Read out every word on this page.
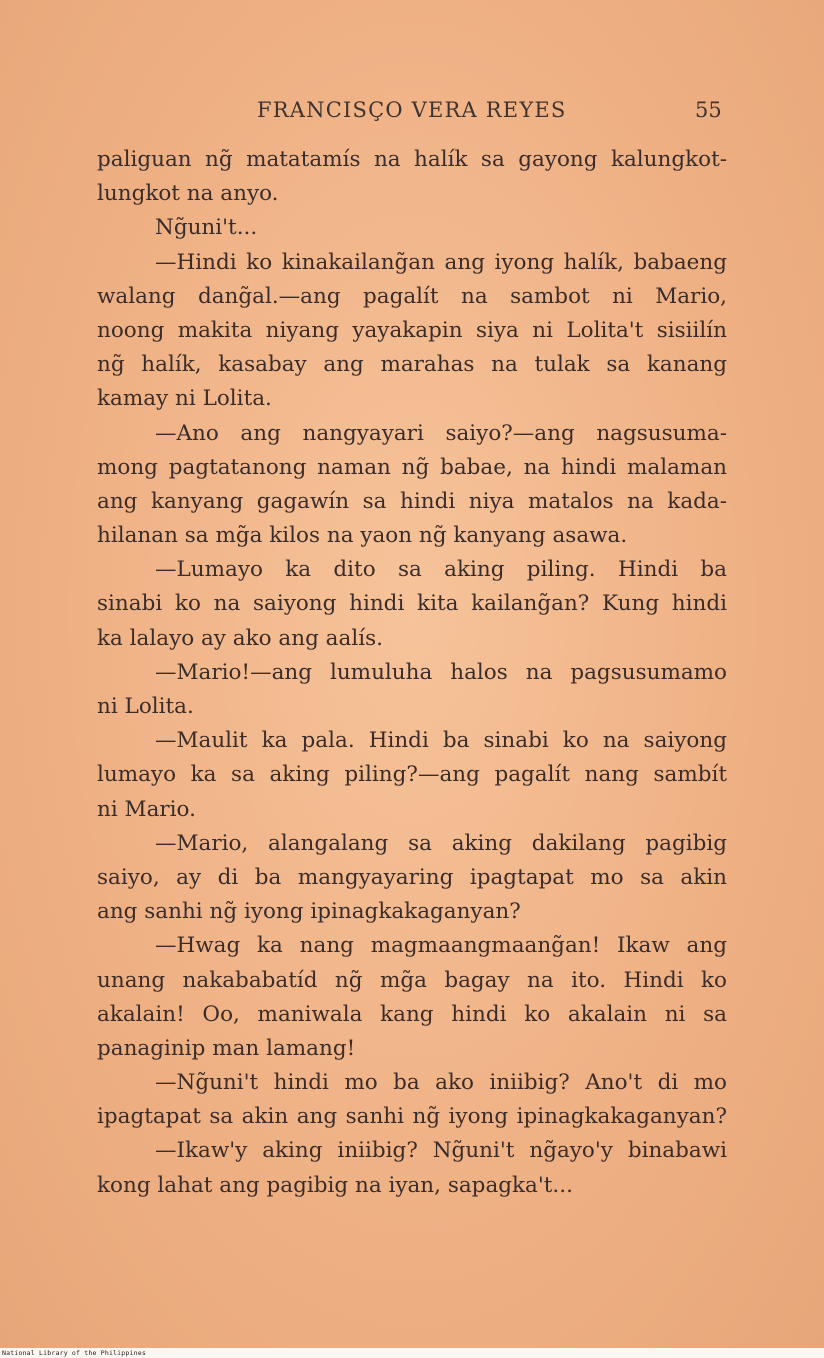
FRANCISÇO VERA REYES	55
paliguan ng̃ matatamís na halík sa gayong kalungkot-
lungkot na anyo.
Ng̃uni't...
—Hindi ko kinakailang̃an ang iyong halík, babaeng
walang dang̃al.—ang pagalít na sambot ni Mario,
noong makita niyang yayakapin siya ni Lolita't sisiilín
ng̃ halík, kasabay ang marahas na tulak sa kanang
kamay ni Lolita.
—Ano ang nangyayari saiyo?—ang nagsusuma-
mong pagtatanong naman ng̃ babae, na hindi malaman
ang kanyang gagawín sa hindi niya matalos na kada-
hilanan sa mg̃a kilos na yaon ng̃ kanyang asawa.
—Lumayo ka dito sa aking piling. Hindi ba
sinabi ko na saiyong hindi kita kailang̃an? Kung hindi
ka lalayo ay ako ang aalís.
—Mario!—ang lumuluha halos na pagsusumamo
ni Lolita.
—Maulit ka pala. Hindi ba sinabi ko na saiyong
lumayo ka sa aking piling?—ang pagalít nang sambít
ni Mario.
—Mario, alangalang sa aking dakilang pagibig
saiyo, ay di ba mangyayaring ipagtapat mo sa akin
ang sanhi ng̃ iyong ipinagkakaganyan?
—Hwag ka nang magmaangmaang̃an! Ikaw ang
unang nakababatíd ng̃ mg̃a bagay na ito. Hindi ko
akalain! Oo, maniwala kang hindi ko akalain ni sa
panaginip man lamang!
—Ng̃uni't hindi mo ba ako iniibig? Ano't di mo
ipagtapat sa akin ang sanhi ng̃ iyong ipinagkakaganyan?
—Ikaw'y aking iniibig? Ng̃uni't ng̃ayo'y binabawi
kong lahat ang pagibig na iyan, sapagka't...
National Library of the Philippines
